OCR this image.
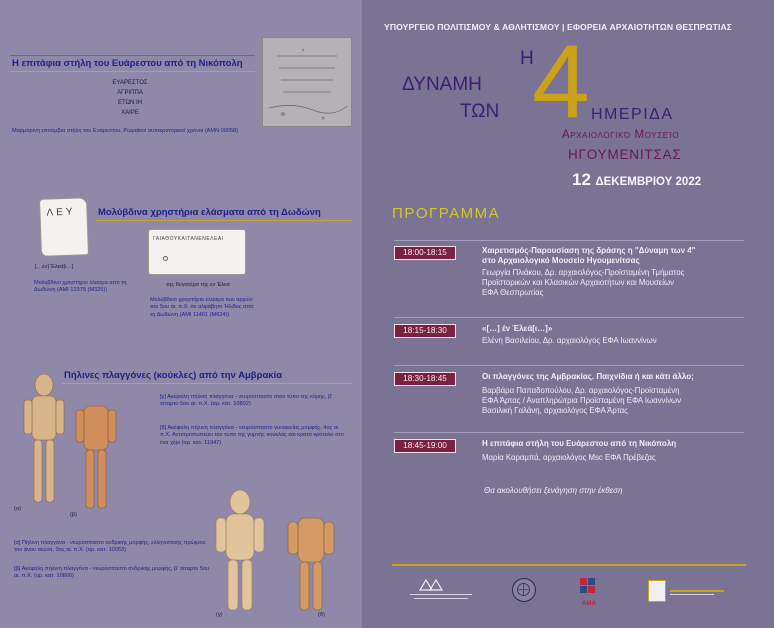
Η επιτάφια στήλη του Ευάρεστου από τη Νικόπολη
ΕΥΑΡΕΣΤΟΣ
ΑΓΡΙΠΠΑ
ΕΤΩΝ ΙΗ
ΧΑΙΡΕ
Μαρμάρινη επιτύμβια στήλη του Ευάρεστου, Ρωμαϊκοί αυτοκρατορικοί χρόνοι (ΑΜΝ 00058)
Μολύβδινα χρηστήρια ελάσματα από τη Δωδώνη
ΛΕΥ
[…έν] Έλεά[ι…]
Μολύβδινο χρηστήριο έλασμα από τη Δωδώνη (ΑΜΙ 12375 (Μ325))
ΓΑΙΑΘΟΥΚΑΙΤΑΝΕΝΕΛΕΑΙ
της θυγατέρα της εν Έλεα
Μολύβδινο χρηστήριο έλασμα των αρχών του 5ου αι. π.Χ. σε αλφάβητο Ήλιδος από τη Δωδώνη (ΑΜΙ 11461 (Μ624))
Πήλινες πλαγγόνες (κούκλες) από την Αμβρακία
(α)
(β)
[γ] Ακέφαλη πήλινη πλαγγόνα - νευρόσπαστο στον τύπο της κόρης, β' τέταρτο 5ου αι. π.Χ. (αρ. κατ. 10802)
[δ] Ακέφαλη πήλινη πλαγγόνα - νευρόσπαστο γυναικείας μορφής, 4ος αι. π.Χ. Αντιπροσωπεύει τον τύπο της γυμνής κούκλας και κρατά κρόταλο στο ένα χέρι (αρ. κατ. 11947)
(γ)	(δ)
[α] Πήλινη πλαγγόνα - νευρόσπαστο ανδρικής μορφής, ελληνιστικής πρώιμου του άνου αιώνα, 3ος αι. π.Χ. (αρ. κατ. 10053)
[β] Ακέφαλη πήλινη πλαγγόνα - νευρόσπαστο ανδρικής μορφής, β' τέταρτο 5ου αι. π.Χ. (αρ. κατ. 10800)
ΥΠΟΥΡΓΕΙΟ ΠΟΛΙΤΙΣΜΟΥ & ΑΘΛΗΤΙΣΜΟΥ | ΕΦΟΡΕΙΑ ΑΡΧΑΙΟΤΗΤΩΝ ΘΕΣΠΡΩΤΙΑΣ
Η
ΔΥΝΑΜΗ
ΤΩΝ 4 ΗΜΕΡΙΔΑ
Αρχαιολογικό Μουσείο
ΗΓΟΥΜΕΝΙΤΣΑΣ
12 ΔΕΚΕΜΒΡΙΟΥ 2022
ΠΡΟΓΡΑΜΜΑ
18:00-18:15	Χαιρετισμός-Παρουσίαση της δράσης η "Δύναμη των 4"
στο Αρχαιολογικό Μουσείο Ηγουμενίτσας
Γεωργία Πλιάκου, Δρ. αρχαιολόγος-Προϊσταμένη Τμήματος
Προϊστορικών και Κλασικών Αρχαιοτήτων και Μουσείων
ΕΦΑ Θεσπρωτίας
18:15-18:30	«[…] έν Έλεά[ι…]»
Ελένη Βασιλείου, Δρ. αρχαιολόγος ΕΦΑ Ιωαννίνων
18:30-18:45	Οι πλαγγόνες της Αμβρακίας. Παιχνίδια ή και κάτι άλλο;
Βαρβάρα Παπαδοπούλου, Δρ. αρχαιολόγος-Προϊσταμένη
ΕΦΑ Άρτας / Αναπληρώτρια Προϊσταμένη ΕΦΑ Ιωαννίνων
Βασιλική Γαλάνη, αρχαιολόγος ΕΦΑ Άρτας
18:45-19:00	Η επιτάφια στήλη του Ευάρεστου από τη Νικόπολη
Μαρία Καραμπά, αρχαιολόγος Msc ΕΦΑ Πρέβεζας
Θα ακολουθήσει ξενάγηση στην έκθεση
ΑΜΑ
